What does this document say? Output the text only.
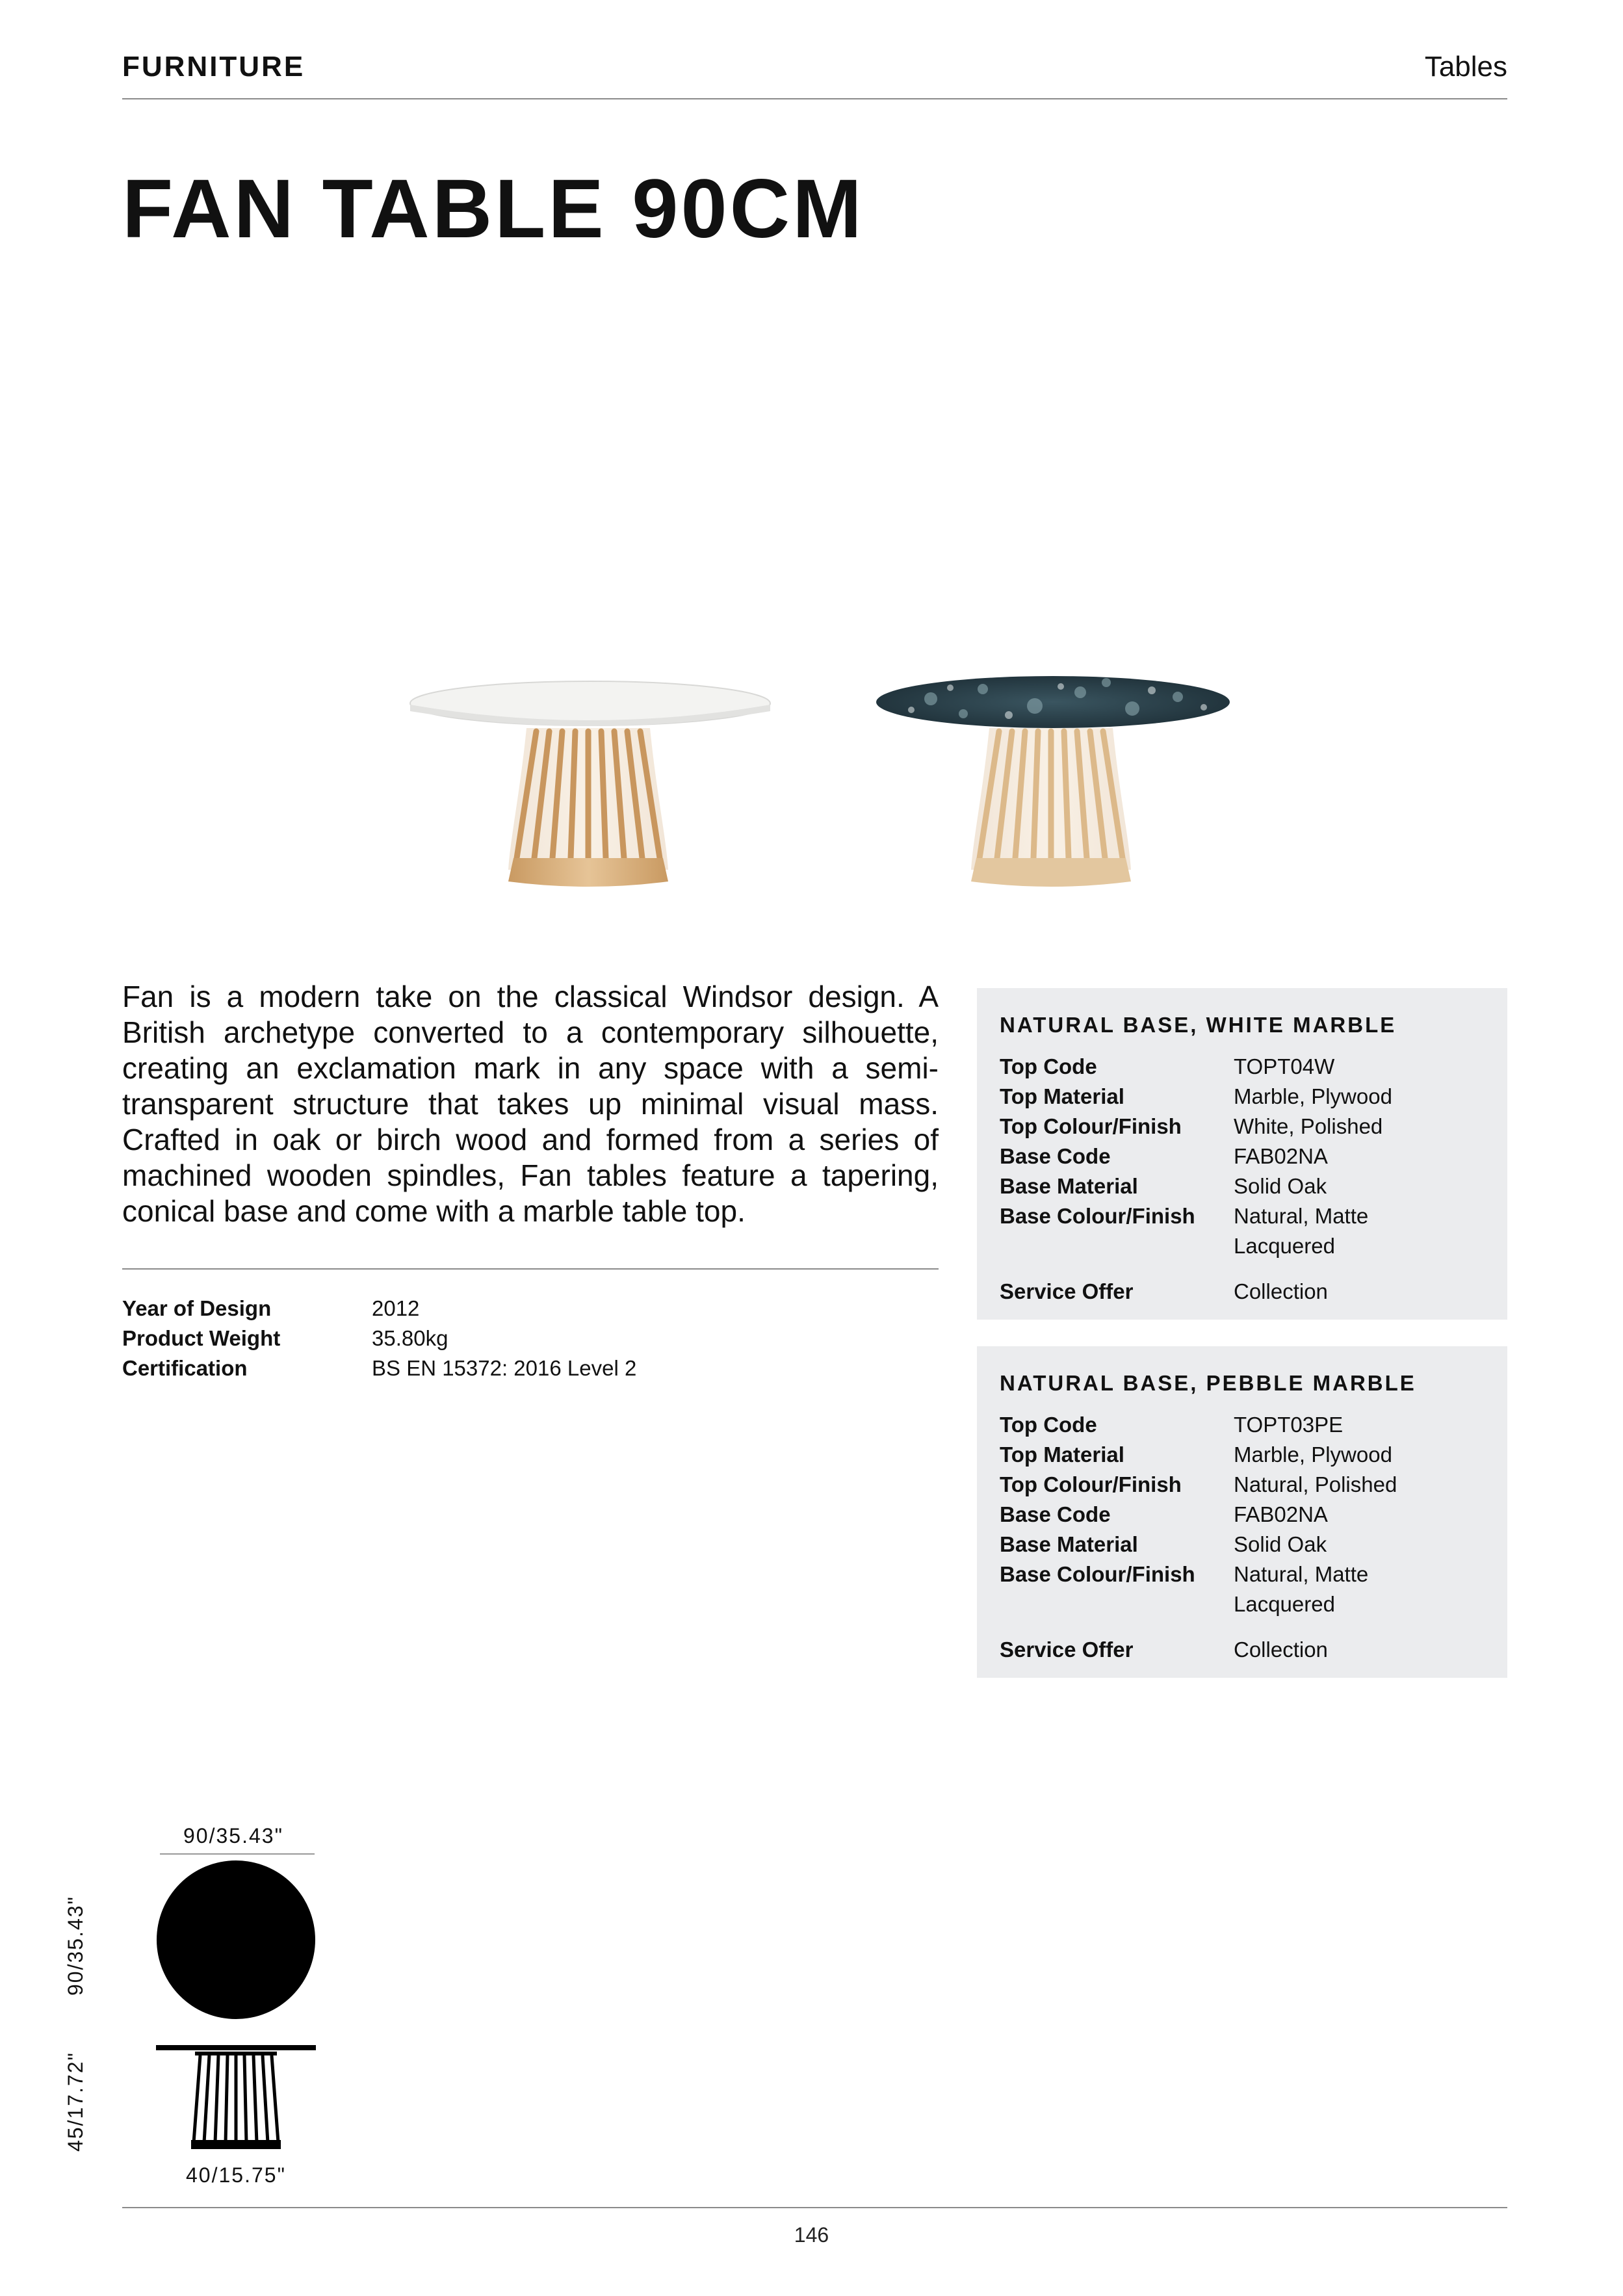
FURNITURE	Tables
FAN TABLE 90CM
Fan is a modern take on the classical Windsor design. A British archetype converted to a contemporary silhouette, creating an exclamation mark in any space with a semi-transparent structure that takes up minimal visual mass. Crafted in oak or birch wood and formed from a series of machined wooden spindles, Fan tables feature a tapering, conical base and come with a marble table top.
Year of Design	2012
Product Weight	35.80kg
Certification	BS EN 15372: 2016 Level 2
NATURAL BASE, WHITE MARBLE
Top Code	TOPT04W
Top Material	Marble, Plywood
Top Colour/Finish	White, Polished
Base Code	FAB02NA
Base Material	Solid Oak
Base Colour/Finish	Natural, Matte
Lacquered
Service Offer	Collection
NATURAL BASE, PEBBLE MARBLE
Top Code	TOPT03PE
Top Material	Marble, Plywood
Top Colour/Finish	Natural, Polished
Base Code	FAB02NA
Base Material	Solid Oak
Base Colour/Finish	Natural, Matte
Lacquered
Service Offer	Collection
90/35.43"
90/35.43"
45/17.72"
40/15.75"
146
